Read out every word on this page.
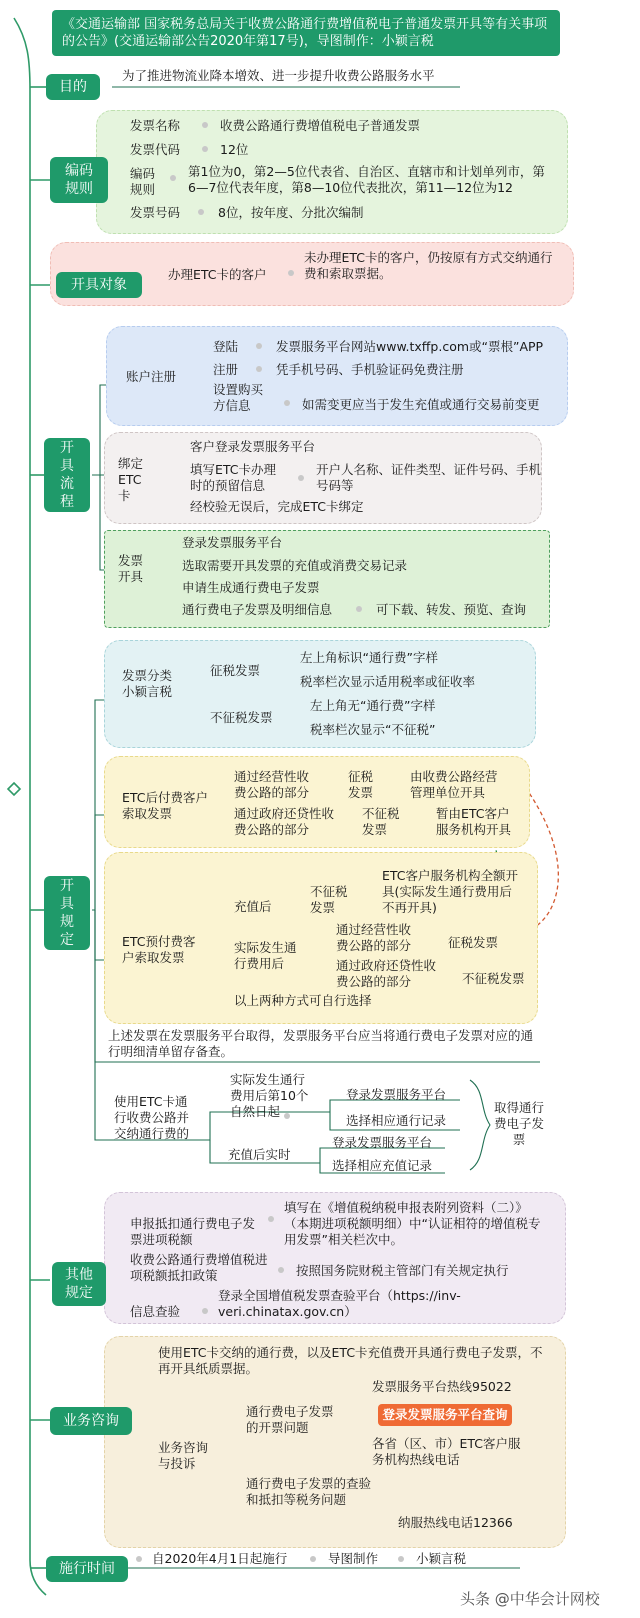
《交通运输部 国家税务总局关于收费公路通行费增值税电子普通发票开具等有关事项的公告》(交通运输部公告2020年第17号)，导图制作：小颖言税
目的
为了推进物流业降本增效、进一步提升收费公路服务水平
编码规则
发票名称	收费公路通行费增值税电子普通发票
发票代码	12位
编码规则
第1位为0，第2—5位代表省、自治区、直辖市和计划单列市，第6—7位代表年度，第8—10位代表批次，第11—12位为12
发票号码	8位，按年度、分批次编制
开具对象
办理ETC卡的客户
未办理ETC卡的客户，仍按原有方式交纳通行费和索取票据。
开具流程
账户注册
登陆	发票服务平台网站www.txffp.com或“票根”APP
注册	凭手机号码、手机验证码免费注册
设置购买方信息	如需变更应当于发生充值或通行交易前变更
绑定ETC卡
客户登录发票服务平台
填写ETC卡办理时的预留信息
开户人名称、证件类型、证件号码、手机号码等
经校验无误后，完成ETC卡绑定
发票开具
登录发票服务平台
选取需要开具发票的充值或消费交易记录
申请生成通行费电子发票
通行费电子发票及明细信息	可下载、转发、预览、查询
开具规定
发票分类小颖言税
征税发票
左上角标识“通行费”字样
税率栏次显示适用税率或征收率
不征税发票
左上角无“通行费”字样
税率栏次显示“不征税”
ETC后付费客户索取发票
通过经营性收费公路的部分
征税发票
由收费公路经营管理单位开具
通过政府还贷性收费公路的部分
不征税发票
暂由ETC客户服务机构开具
ETC预付费客户索取发票
充值后
不征税发票
ETC客户服务机构全额开具(实际发生通行费用后不再开具)
实际发生通行费用后
通过经营性收费公路的部分	征税发票
通过政府还贷性收费公路的部分	不征税发票
以上两种方式可自行选择
上述发票在发票服务平台取得，发票服务平台应当将通行费电子发票对应的通行明细清单留存备查。
使用ETC卡通行收费公路并交纳通行费的
实际发生通行费用后第10个自然日起
登录发票服务平台
选择相应通行记录
充值后实时
登录发票服务平台
选择相应充值记录
取得通行费电子发票
其他规定
申报抵扣通行费电子发票进项税额
填写在《增值税纳税申报表附列资料（二）》（本期进项税额明细）中“认证相符的增值税专用发票”相关栏次中。
收费公路通行费增值税进项税额抵扣政策	按照国务院财税主管部门有关规定执行
信息查验
登录全国增值税发票查验平台（https://inv-veri.chinatax.gov.cn）
业务咨询
使用ETC卡交纳的通行费，以及ETC卡充值费开具通行费电子发票，不再开具纸质票据。
业务咨询与投诉
通行费电子发票的开票问题
发票服务平台热线95022
登录发票服务平台查询
各省（区、市）ETC客户服务机构热线电话
通行费电子发票的查验和抵扣等税务问题
纳服热线电话12366
施行时间
自2020年4月1日起施行	导图制作	小颖言税
头条 @中华会计网校
